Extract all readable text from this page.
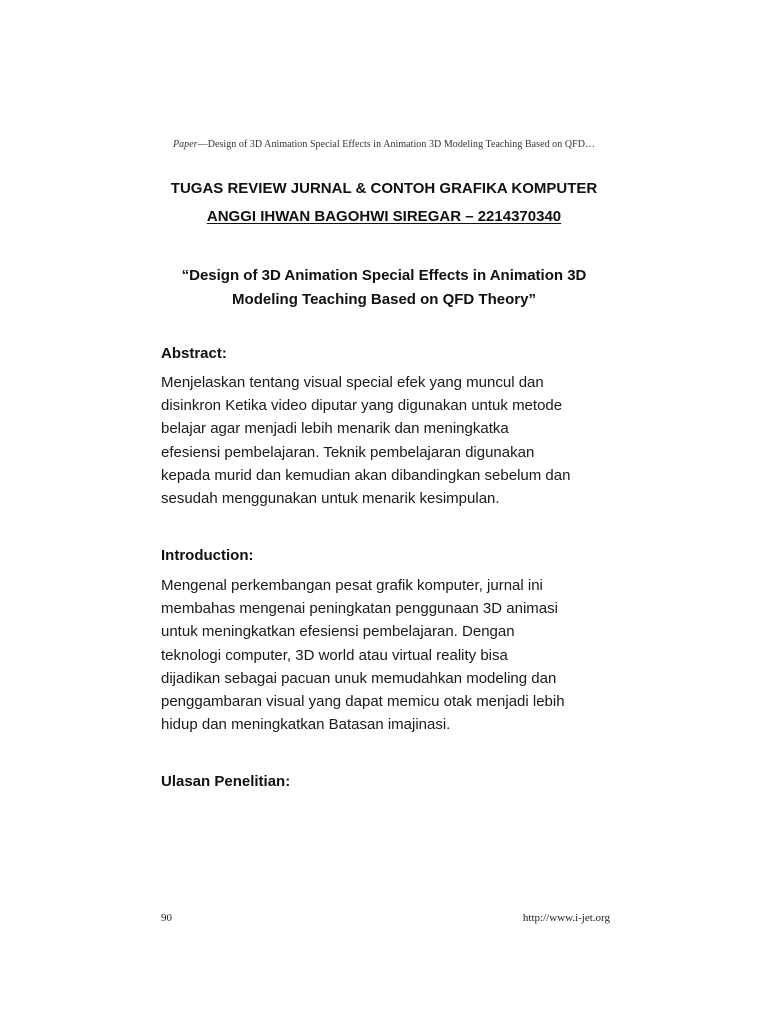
Paper—Design of 3D Animation Special Effects in Animation 3D Modeling Teaching Based on QFD…

TUGAS REVIEW JURNAL & CONTOH GRAFIKA KOMPUTER

ANGGI IHWAN BAGOHWI SIREGAR – 2214370340

“Design of 3D Animation Special Effects in Animation 3D
Modeling Teaching Based on QFD Theory”
Abstract:
Menjelaskan tentang visual special efek yang muncul dan
disinkron Ketika video diputar yang digunakan untuk metode
belajar agar menjadi lebih menarik dan meningkatka
efesiensi pembelajaran. Teknik pembelajaran digunakan
kepada murid dan kemudian akan dibandingkan sebelum dan
sesudah menggunakan untuk menarik kesimpulan.
Introduction:
Mengenal perkembangan pesat grafik komputer, jurnal ini
membahas mengenai peningkatan penggunaan 3D animasi
untuk meningkatkan efesiensi pembelajaran. Dengan
teknologi computer, 3D world atau virtual reality bisa
dijadikan sebagai pacuan unuk memudahkan modeling dan
penggambaran visual yang dapat memicu otak menjadi lebih
hidup dan meningkatkan Batasan imajinasi.
Ulasan Penelitian:
90	http://www.i-jet.org
